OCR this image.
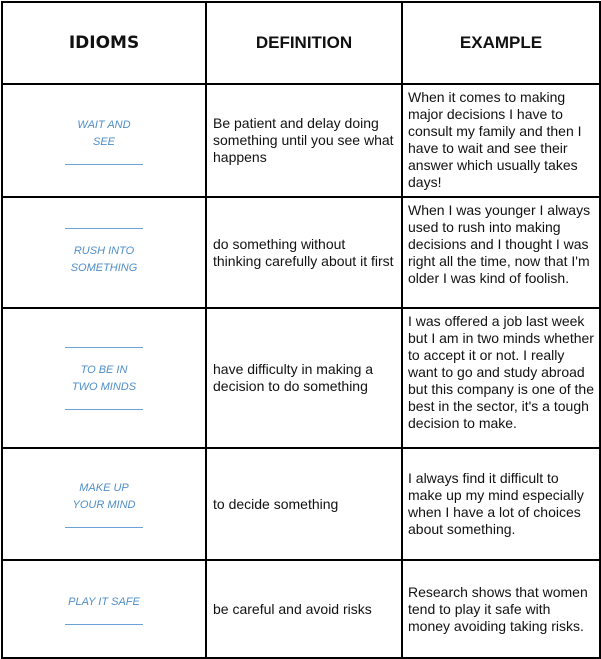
IDIOMS	DEFINITION	EXAMPLE

WAIT AND
SEE	Be patient and delay doing something until you see what happens	When it comes to making major decisions I have to consult my family and then I have to wait and see their answer which usually takes days!

RUSH INTO
SOMETHING	do something without thinking carefully about it first	When I was younger I always used to rush into making decisions and I thought I was right all the time, now that I'm older I was kind of foolish.

TO BE IN
TWO MINDS	have difficulty in making a decision to do something	I was offered a job last week but I am in two minds whether to accept it or not. I really want to go and study abroad but this company is one of the best in the sector, it's a tough decision to make.

MAKE UP
YOUR MIND	to decide something	I always find it difficult to make up my mind especially when I have a lot of choices about something.

PLAY IT SAFE	be careful and avoid risks	Research shows that women tend to play it safe with money avoiding taking risks.
